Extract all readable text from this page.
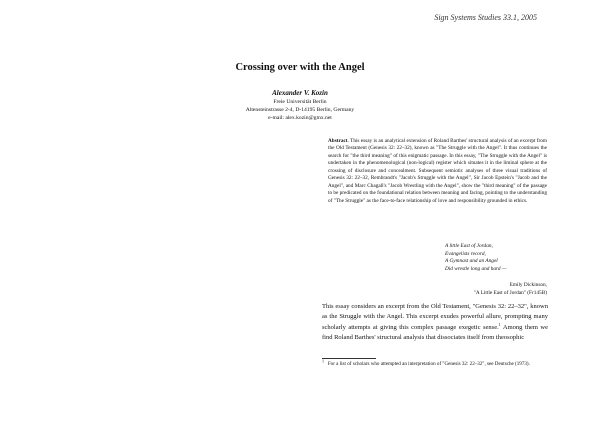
Sign Systems Studies 33.1, 2005
Crossing over with the Angel
Alexander V. Kozin
Freie Universität Berlin
Altensteinstrasse 2-4, D-14195 Berlin, Germany
e-mail: alex.kozin@gmx.net
Abstract. This essay is an analytical extension of Roland Barthes' structural analysis of an excerpt from the Old Testament (Genesis 32: 22–32), known as "The Struggle with the Angel". It thus continues the search for "the third meaning" of this enigmatic passage. In this essay, "The Struggle with the Angel" is undertaken in the phenomenological (non-logical) register which situates it in the liminal sphere at the crossing of disclosure and concealment. Subsequent semiotic analyses of three visual traditions of Genesis 32: 22–32, Rembrandt's "Jacob's Struggle with the Angel", Sir Jacob Epstein's "Jacob and the Angel", and Marc Chagall's "Jacob Wrestling with the Angel", show the "third meaning" of the passage to be predicated on the foundational relation between meaning and facing, pointing to the understanding of "The Struggle" as the face-to-face relationship of love and responsibility grounded in ethics.
A little East of Jordan,
Evangelists record,
A Gymnast and an Angel
Did wrestle long and hard —
Emily Dickinson,
"A Little East of Jordan" (Fr145B)
This essay considers an excerpt from the Old Testament, "Genesis 32: 22–32", known as the Struggle with the Angel. This excerpt exudes powerful allure, prompting many scholarly attempts at giving this complex passage exegetic sense.$^1$ Among them we find Roland Barthes' structural analysis that dissociates itself from theosophic
$^1$   For a list of scholars who attempted an interpretation of "Genesis 32: 22–32", see Deutsche (1973).
